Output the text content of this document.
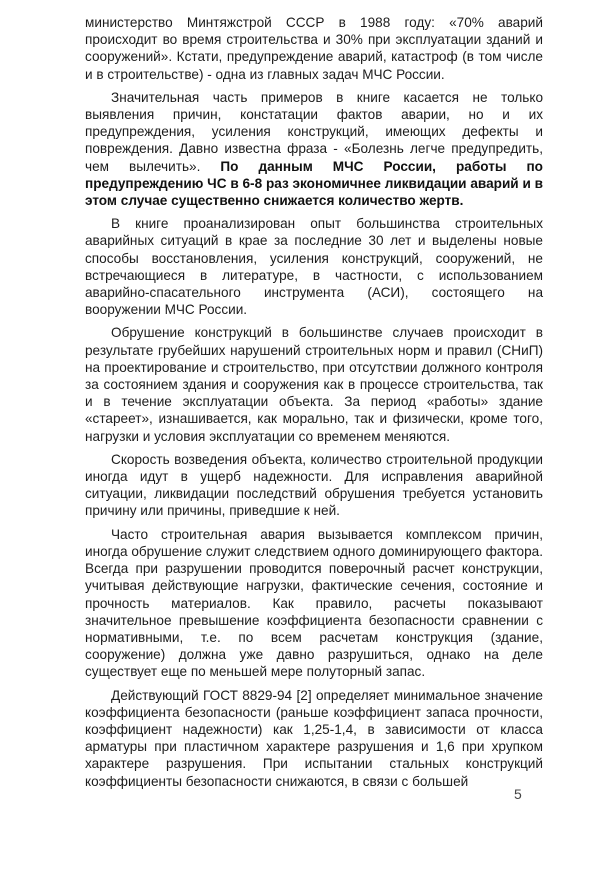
министерство Минтяжстрой СССР в 1988 году: «70% аварий происходит во время строительства и 30% при эксплуатации зданий и сооружений». Кстати, предупреждение аварий, катастроф (в том числе и в строительстве) - одна из главных задач МЧС России.

Значительная часть примеров в книге касается не только выявления причин, констатации фактов аварии, но и их предупреждения, усиления конструкций, имеющих дефекты и повреждения. Давно известна фраза - «Болезнь легче предупредить, чем вылечить». По данным МЧС России, работы по предупреждению ЧС в 6-8 раз экономичнее ликвидации аварий и в этом случае существенно снижается количество жертв.

В книге проанализирован опыт большинства строительных аварийных ситуаций в крае за последние 30 лет и выделены новые способы восстановления, усиления конструкций, сооружений, не встречающиеся в литературе, в частности, с использованием аварийно-спасательного инструмента (АСИ), состоящего на вооружении МЧС России.

Обрушение конструкций в большинстве случаев происходит в результате грубейших нарушений строительных норм и правил (СНиП) на проектирование и строительство, при отсутствии должного контроля за состоянием здания и сооружения как в процессе строительства, так и в течение эксплуатации объекта. За период «работы» здание «стареет», изнашивается, как морально, так и физически, кроме того, нагрузки и условия эксплуатации со временем меняются.

Скорость возведения объекта, количество строительной продукции иногда идут в ущерб надежности. Для исправления аварийной ситуации, ликвидации последствий обрушения требуется установить причину или причины, приведшие к ней.

Часто строительная авария вызывается комплексом причин, иногда обрушение служит следствием одного доминирующего фактора. Всегда при разрушении проводится поверочный расчет конструкции, учитывая действующие нагрузки, фактические сечения, состояние и прочность материалов. Как правило, расчеты показывают значительное превышение коэффициента безопасности сравнении с нормативными, т.е. по всем расчетам конструкция (здание, сооружение) должна уже давно разрушиться, однако на деле существует еще по меньшей мере полуторный запас.

Действующий ГОСТ 8829-94 [2] определяет минимальное значение коэффициента безопасности (раньше коэффициент запаса прочности, коэффициент надежности) как 1,25-1,4, в зависимости от класса арматуры при пластичном характере разрушения и 1,6 при хрупком характере разрушения. При испытании стальных конструкций коэффициенты безопасности снижаются, в связи с большей

5
